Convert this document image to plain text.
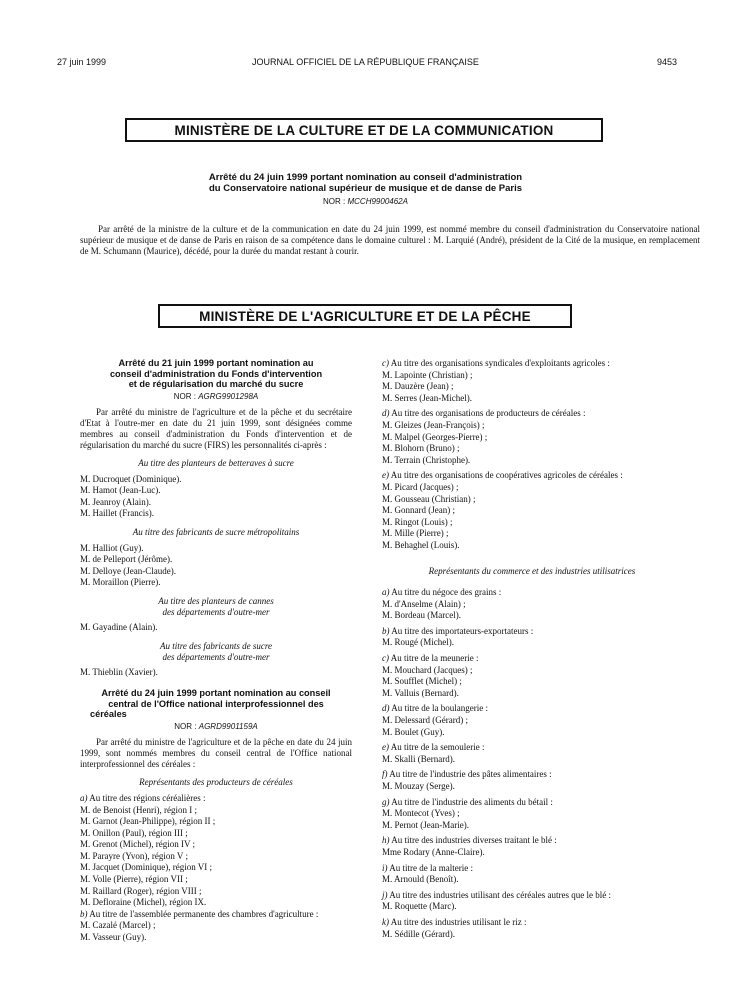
27 juin 1999	JOURNAL OFFICIEL DE LA RÉPUBLIQUE FRANÇAISE	9453
MINISTÈRE DE LA CULTURE ET DE LA COMMUNICATION
Arrêté du 24 juin 1999 portant nomination au conseil d'administration
du Conservatoire national supérieur de musique et de danse de Paris
NOR : MCCH9900462A
Par arrêté de la ministre de la culture et de la communication en date du 24 juin 1999, est nommé membre du conseil d'administration du Conservatoire national supérieur de musique et de danse de Paris en raison de sa compétence dans le domaine culturel : M. Larquié (André), président de la Cité de la musique, en remplacement de M. Schumann (Maurice), décédé, pour la durée du mandat restant à courir.
MINISTÈRE DE L'AGRICULTURE ET DE LA PÊCHE
Arrêté du 21 juin 1999 portant nomination au
conseil d'administration du Fonds d'intervention
et de régularisation du marché du sucre
NOR : AGRG9901298A
Par arrêté du ministre de l'agriculture et de la pêche et du secrétaire d'Etat à l'outre-mer en date du 21 juin 1999, sont désignées comme membres au conseil d'administration du Fonds d'intervention et de régularisation du marché du sucre (FIRS) les personnalités ci-après :
Au titre des planteurs de betteraves à sucre
M. Ducroquet (Dominique).
M. Hamot (Jean-Luc).
M. Jeanroy (Alain).
M. Haillet (Francis).
Au titre des fabricants de sucre métropolitains
M. Halliot (Guy).
M. de Pelleport (Jérôme).
M. Delloye (Jean-Claude).
M. Moraillon (Pierre).
Au titre des planteurs de cannes
des départements d'outre-mer
M. Gayadine (Alain).
Au titre des fabricants de sucre
des départements d'outre-mer
M. Thieblin (Xavier).
Arrêté du 24 juin 1999 portant nomination au conseil
central de l'Office national interprofessionnel des
céréales
NOR : AGRD9901159A
Par arrêté du ministre de l'agriculture et de la pêche en date du 24 juin 1999, sont nommés membres du conseil central de l'Office national interprofessionnel des céréales :
Représentants des producteurs de céréales
a) Au titre des régions céréalières :
M. de Benoist (Henri), région I ;
M. Garnot (Jean-Philippe), région II ;
M. Onillon (Paul), région III ;
M. Grenot (Michel), région IV ;
M. Parayre (Yvon), région V ;
M. Jacquet (Dominique), région VI ;
M. Volle (Pierre), région VII ;
M. Raillard (Roger), région VIII ;
M. Defloraine (Michel), région IX.
b) Au titre de l'assemblée permanente des chambres d'agriculture :
M. Cazalé (Marcel) ;
M. Vasseur (Guy).
c) Au titre des organisations syndicales d'exploitants agricoles :
M. Lapointe (Christian) ;
M. Dauzère (Jean) ;
M. Serres (Jean-Michel).
d) Au titre des organisations de producteurs de céréales :
M. Gleizes (Jean-François) ;
M. Malpel (Georges-Pierre) ;
M. Blohorn (Bruno) ;
M. Terrain (Christophe).
e) Au titre des organisations de coopératives agricoles de céréales :
M. Picard (Jacques) ;
M. Gousseau (Christian) ;
M. Gonnard (Jean) ;
M. Ringot (Louis) ;
M. Mille (Pierre) ;
M. Behaghel (Louis).
Représentants du commerce et des industries utilisatrices
a) Au titre du négoce des grains :
M. d'Anselme (Alain) ;
M. Bordeau (Marcel).
b) Au titre des importateurs-exportateurs :
M. Rougé (Michel).
c) Au titre de la meunerie :
M. Mouchard (Jacques) ;
M. Soufflet (Michel) ;
M. Valluis (Bernard).
d) Au titre de la boulangerie :
M. Delessard (Gérard) ;
M. Boulet (Guy).
e) Au titre de la semoulerie :
M. Skalli (Bernard).
f) Au titre de l'industrie des pâtes alimentaires :
M. Mouzay (Serge).
g) Au titre de l'industrie des aliments du bétail :
M. Montecot (Yves) ;
M. Pernot (Jean-Marie).
h) Au titre des industries diverses traitant le blé :
Mme Rodary (Anne-Claire).
i) Au titre de la malterie :
M. Arnould (Benoît).
j) Au titre des industries utilisant des céréales autres que le blé :
M. Roquette (Marc).
k) Au titre des industries utilisant le riz :
M. Sédille (Gérard).
